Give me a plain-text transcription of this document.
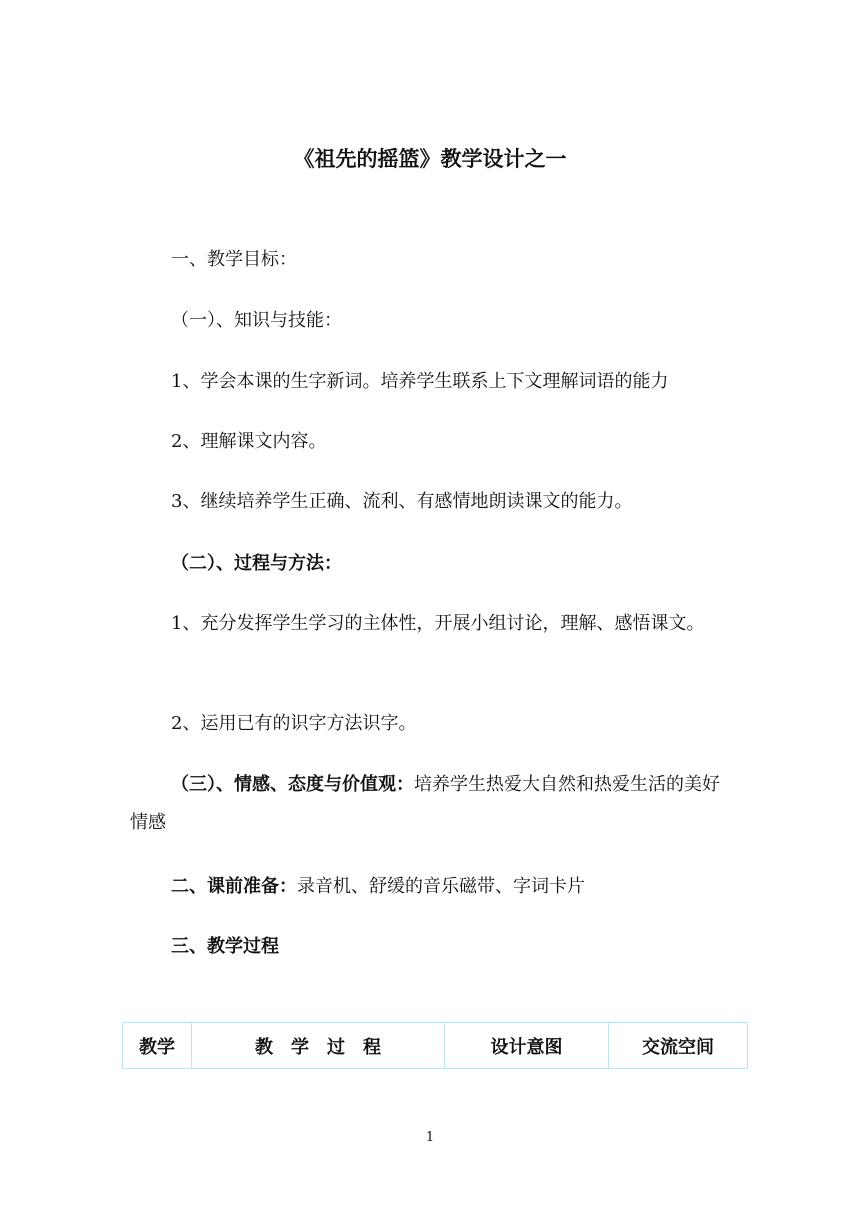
《祖先的摇篮》教学设计之一

一、教学目标：

（一）、知识与技能：

1、学会本课的生字新词。培养学生联系上下文理解词语的能力

2、理解课文内容。

3、继续培养学生正确、流利、有感情地朗读课文的能力。

（二）、过程与方法：

1、充分发挥学生学习的主体性，开展小组讨论，理解、感悟课文。

2、运用已有的识字方法识字。

（三）、情感、态度与价值观：培养学生热爱大自然和热爱生活的美好情感

二、课前准备：录音机、舒缓的音乐磁带、字词卡片

三、教学过程

教学	教　学　过　程	设计意图	交流空间
1
